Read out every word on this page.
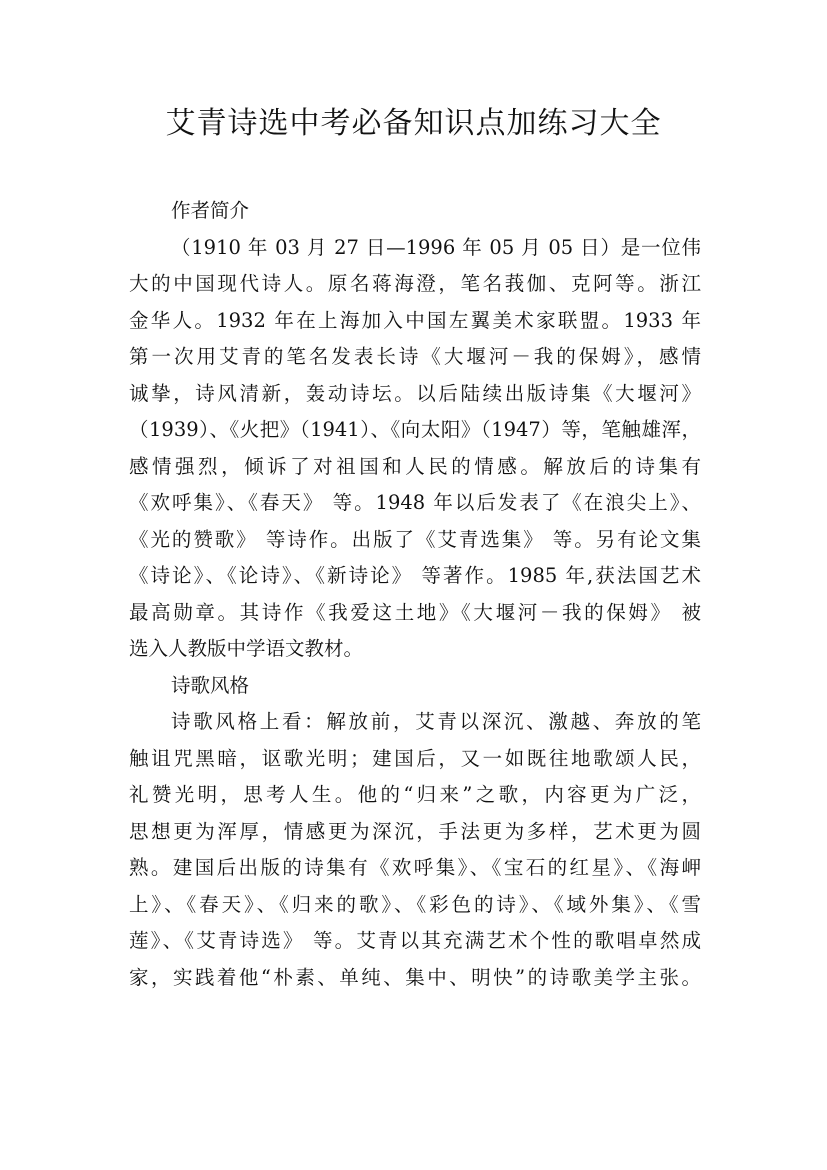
艾青诗选中考必备知识点加练习大全
作者简介
（1910 年 03 月 27 日—1996 年 05 月 05 日）是一位伟
大的中国现代诗人。原名蒋海澄，笔名莪伽、克阿等。浙江
金华人。1932 年在上海加入中国左翼美术家联盟。1933 年
第一次用艾青的笔名发表长诗《大堰河－我的保姆》，感情
诚挚，诗风清新，轰动诗坛。以后陆续出版诗集《大堰河》
（1939）、《火把》（1941）、《向太阳》（1947）等，笔触雄浑，
感情强烈，倾诉了对祖国和人民的情感。解放后的诗集有
《欢呼集》、《春天》 等。1948 年以后发表了《在浪尖上》、
《光的赞歌》 等诗作。出版了《艾青选集》 等。另有论文集
《诗论》、《论诗》、《新诗论》 等著作。1985 年,获法国艺术
最高勋章。其诗作《我爱这土地》《大堰河－我的保姆》 被
选入人教版中学语文教材。
诗歌风格
诗歌风格上看：解放前，艾青以深沉、激越、奔放的笔
触诅咒黑暗，讴歌光明；建国后，又一如既往地歌颂人民，
礼赞光明，思考人生。他的“归来”之歌，内容更为广泛，
思想更为浑厚，情感更为深沉，手法更为多样，艺术更为圆
熟。建国后出版的诗集有《欢呼集》、《宝石的红星》、《海岬
上》、《春天》、《归来的歌》、《彩色的诗》、《域外集》、《雪
莲》、《艾青诗选》 等。艾青以其充满艺术个性的歌唱卓然成
家，实践着他“朴素、单纯、集中、明快”的诗歌美学主张。
